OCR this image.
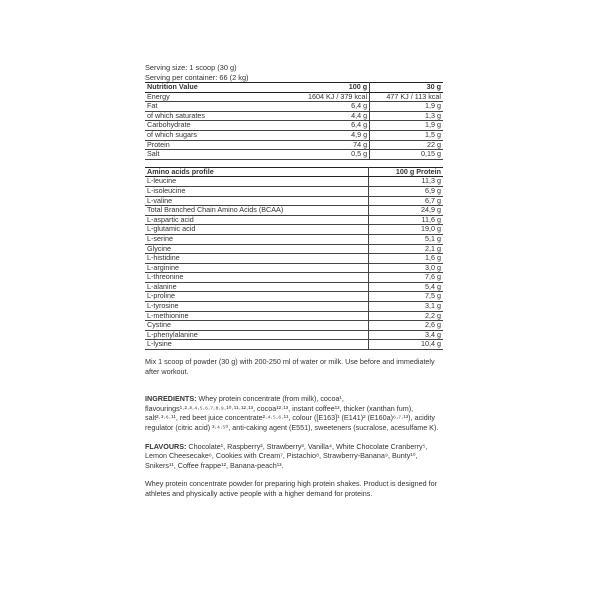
Serving size: 1 scoop (30 g)
Serving per container: 66 (2 kg)
Nutrition Value	100 g	30 g
Energy	1604 KJ / 379 kcal	477 KJ / 113 kcal
Fat	6,4 g	1,9 g
of which saturates	4,4 g	1,3 g
Carbohydrate	6,4 g	1,9 g
of which sugars	4,9 g	1,5 g
Protein	74 g	22 g
Salt	0,5 g	0,15 g
Amino acids profile	100 g Protein
L-leucine	11,3 g
L-isoleucine	6,9 g
L-valine	6,7 g
Total Branched Chain Amino Acids (BCAA)	24,9 g
L-aspartic acid	11,6 g
L-glutamic acid	19,0 g
L-serine	5,1 g
Glycine	2,1 g
L-histidine	1,6 g
L-arginine	3,0 g
L-threonine	7,6 g
L-alanine	5,4 g
L-proline	7,5 g
L-tyrosine	3,1 g
L-methionine	2,2 g
Cystine	2,6 g
L-phenylalanine	3,4 g
L-lysine	10,4 g

Mix 1 scoop of powder (30 g) with 200-250 ml of water or milk. Use before and immediately after workout.

INGREDIENTS: Whey protein concentrate (from milk), cocoa¹, flavourings¹·²·³·⁴·⁵·⁶·⁷·⁸·⁹·¹⁰·¹¹·¹²·¹³, cocoa¹²·¹³, instant coffee¹³, thicker (xanthan fum), salt²·³·⁶·¹¹, red beet juice concentrate²·⁴·⁵·⁶·¹¹, colour ([E163]¹ (E141)² (E160a)⁶·⁷·¹³), acidity regulator (citric acid) ³·⁴·⁵⁰, anti-caking agent (E551), sweeteners (sucralose, acesulfame K).

FLAVOURS: Chocolate¹, Raspberry², Strawberry³, Vanilla⁴, White Chocolate Cranberry⁵, Lemon Cheesecake⁶, Cookies with Cream⁷, Pistachio⁸, Strawberry-Banana⁹, Bunty¹⁰, Snikers¹¹, Coffee frappe¹², Banana-peach¹³.

Whey protein concentrate powder for preparing high protein shakes. Product is designed for athletes and physically active people with a higher demand for proteins.
